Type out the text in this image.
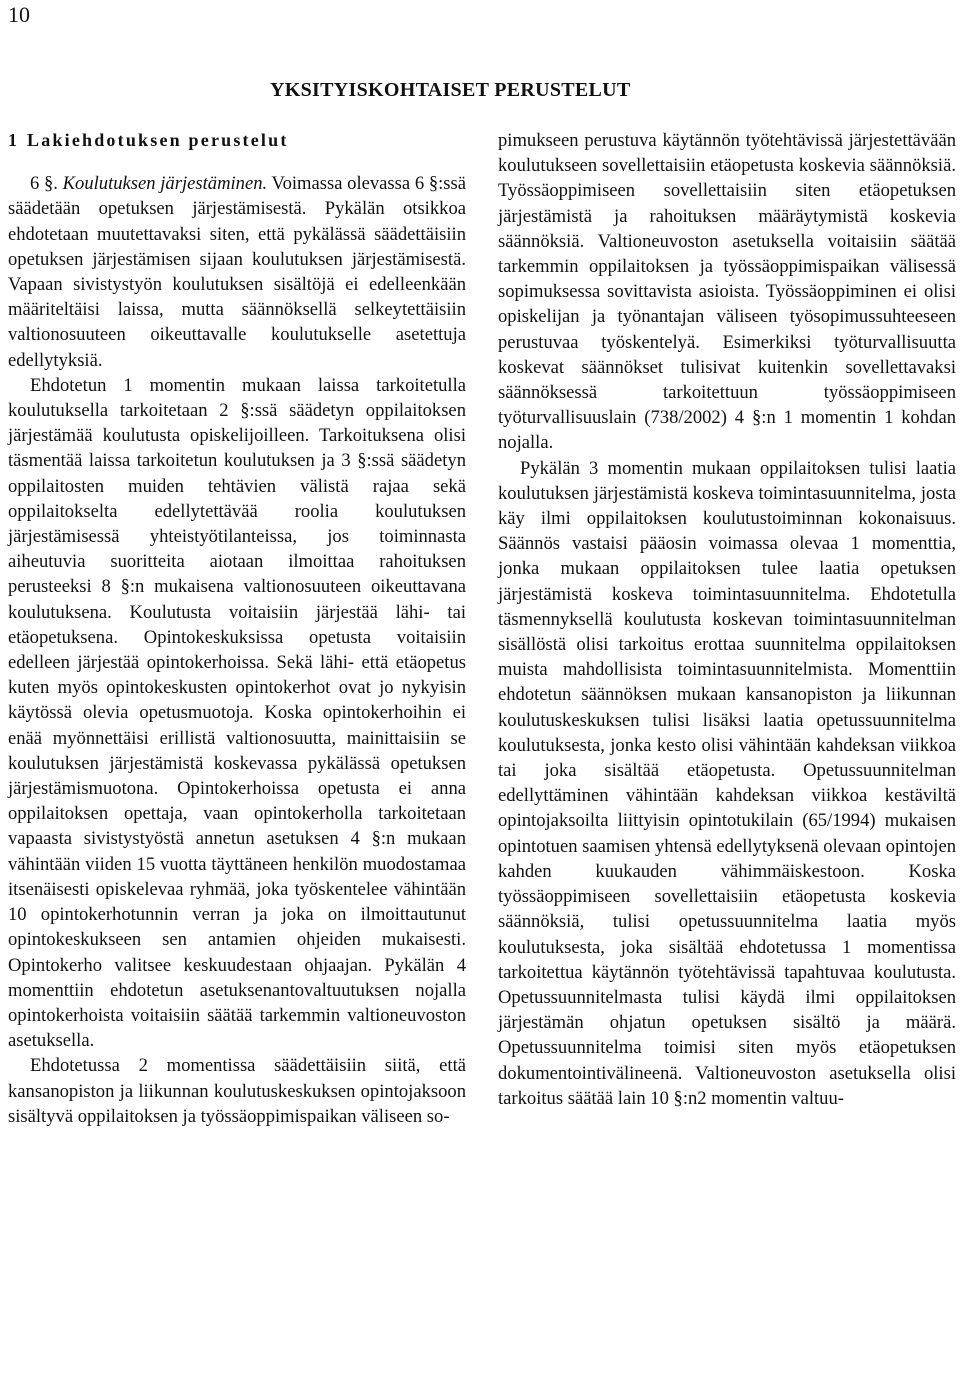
10
YKSITYISKOHTAISET PERUSTELUT
1 Lakiehdotuksen perustelut

6 §. Koulutuksen järjestäminen. Voimassa olevassa 6 §:ssä säädetään opetuksen järjestämisestä. Pykälän otsikkoa ehdotetaan muutettavaksi siten, että pykälässä säädettäisiin opetuksen järjestämisen sijaan koulutuksen järjestämisestä. Vapaan sivistystyön koulutuksen sisältöjä ei edelleenkään määriteltäisi laissa, mutta säännöksellä selkeytettäisiin valtionosuuteen oikeuttavalle koulutukselle asetettuja edellytyksiä.

Ehdotetun 1 momentin mukaan laissa tarkoitetulla koulutuksella tarkoitetaan 2 §:ssä säädetyn oppilaitoksen järjestämää koulutusta opiskelijoilleen. Tarkoituksena olisi täsmentää laissa tarkoitetun koulutuksen ja 3 §:ssä säädetyn oppilaitosten muiden tehtävien välistä rajaa sekä oppilaitokselta edellytettävää roolia koulutuksen järjestämisessä yhteistyötilanteissa, jos toiminnasta aiheutuvia suoritteita aiotaan ilmoittaa rahoituksen perusteeksi 8 §:n mukaisena valtionosuuteen oikeuttavana koulutuksena. Koulutusta voitaisiin järjestää lähi- tai etäopetuksena. Opintokeskuksissa opetusta voitaisiin edelleen järjestää opintokerhoissa. Sekä lähi- että etäopetus kuten myös opintokeskusten opintokerhot ovat jo nykyisin käytössä olevia opetusmuotoja. Koska opintokerhoihin ei enää myönnettäisi erillistä valtionosuutta, mainittaisiin se koulutuksen järjestämistä koskevassa pykälässä opetuksen järjestämismuotona. Opintokerhoissa opetusta ei anna oppilaitoksen opettaja, vaan opintokerholla tarkoitetaan vapaasta sivistystyöstä annetun asetuksen 4 §:n mukaan vähintään viiden 15 vuotta täyttäneen henkilön muodostamaa itsenäisesti opiskelevaa ryhmää, joka työskentelee vähintään 10 opintokerhotunnin verran ja joka on ilmoittautunut opintokeskukseen sen antamien ohjeiden mukaisesti. Opintokerho valitsee keskuudestaan ohjaajan. Pykälän 4 momenttiin ehdotetun asetuksenantovaltuutuksen nojalla opintokerhoista voitaisiin säätää tarkemmin valtioneuvoston asetuksella.

Ehdotetussa 2 momentissa säädettäisiin siitä, että kansanopiston ja liikunnan koulutuskeskuksen opintojaksoon sisältyvä oppilaitoksen ja työssäoppimispaikan väliseen so-

pimukseen perustuva käytännön työtehtävissä järjestettävään koulutukseen sovellettaisiin etäopetusta koskevia säännöksiä. Työssäoppimiseen sovellettaisiin siten etäopetuksen järjestämistä ja rahoituksen määräytymistä koskevia säännöksiä. Valtioneuvoston asetuksella voitaisiin säätää tarkemmin oppilaitoksen ja työssäoppimispaikan välisessä sopimuksessa sovittavista asioista. Työssäoppiminen ei olisi opiskelijan ja työnantajan väliseen työsopimussuhteeseen perustuvaa työskentelyä. Esimerkiksi työturvallisuutta koskevat säännökset tulisivat kuitenkin sovellettavaksi säännöksessä tarkoitettuun työssäoppimiseen työturvallisuuslain (738/2002) 4 §:n 1 momentin 1 kohdan nojalla.

Pykälän 3 momentin mukaan oppilaitoksen tulisi laatia koulutuksen järjestämistä koskeva toimintasuunnitelma, josta käy ilmi oppilaitoksen koulutustoiminnan kokonaisuus. Säännös vastaisi pääosin voimassa olevaa 1 momenttia, jonka mukaan oppilaitoksen tulee laatia opetuksen järjestämistä koskeva toimintasuunnitelma. Ehdotetulla täsmennyksellä koulutusta koskevan toimintasuunnitelman sisällöstä olisi tarkoitus erottaa suunnitelma oppilaitoksen muista mahdollisista toimintasuunnitelmista. Momenttiin ehdotetun säännöksen mukaan kansanopiston ja liikunnan koulutuskeskuksen tulisi lisäksi laatia opetussuunnitelma koulutuksesta, jonka kesto olisi vähintään kahdeksan viikkoa tai joka sisältää etäopetusta. Opetussuunnitelman edellyttäminen vähintään kahdeksan viikkoa kestäviltä opintojaksoilta liittyisin opintotukilain (65/1994) mukaisen opintotuen saamisen yhtensä edellytyksenä olevaan opintojen kahden kuukauden vähimmäiskestoon. Koska työssäoppimiseen sovellettaisiin etäopetusta koskevia säännöksiä, tulisi opetussuunnitelma laatia myös koulutuksesta, joka sisältää ehdotetussa 1 momentissa tarkoitettua käytännön työtehtävissä tapahtuvaa koulutusta. Opetussuunnitelmasta tulisi käydä ilmi oppilaitoksen järjestämän ohjatun opetuksen sisältö ja määrä. Opetussuunnitelma toimisi siten myös etäopetuksen dokumentointivälineenä. Valtioneuvoston asetuksella olisi tarkoitus säätää lain 10 §:n2 momentin valtuu-
